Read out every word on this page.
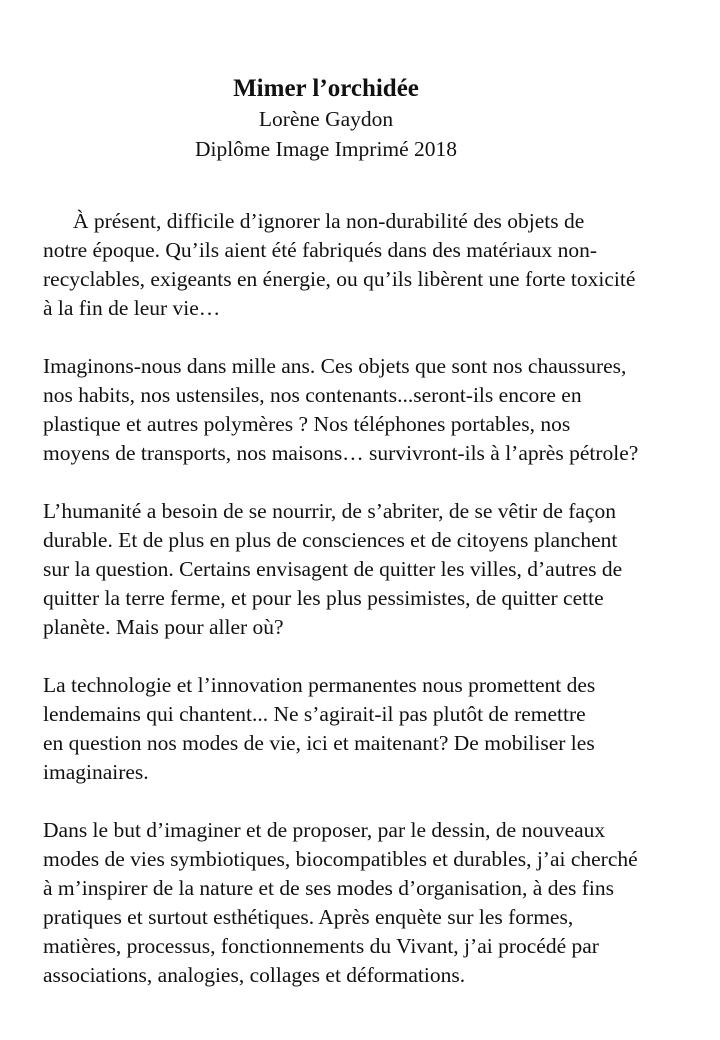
Mimer l’orchidée

Lorène Gaydon

Diplôme Image Imprimé 2018

À présent, difficile d’ignorer la non-durabilité des objets de
notre époque. Qu’ils aient été fabriqués dans des matériaux non-
recyclables, exigeants en énergie, ou qu’ils libèrent une forte toxicité
à la fin de leur vie…

Imaginons-nous dans mille ans. Ces objets que sont nos chaussures,
nos habits, nos ustensiles, nos contenants...seront-ils encore en
plastique et autres polymères ? Nos téléphones portables, nos
moyens de transports, nos maisons… survivront-ils à l’après pétrole?

L’humanité a besoin de se nourrir, de s’abriter, de se vêtir de façon
durable. Et de plus en plus de consciences et de citoyens planchent
sur la question. Certains envisagent de quitter les villes, d’autres de
quitter la terre ferme, et pour les plus pessimistes, de quitter cette
planète. Mais pour aller où?

La technologie et l’innovation permanentes nous promettent des
lendemains qui chantent... Ne s’agirait-il pas plutôt de remettre
en question nos modes de vie, ici et maitenant? De mobiliser les
imaginaires.

Dans le but d’imaginer et de proposer, par le dessin, de nouveaux
modes de vies symbiotiques, biocompatibles et durables, j’ai cherché
à m’inspirer de la nature et de ses modes d’organisation, à des fins
pratiques et surtout esthétiques. Après enquète sur les formes,
matières, processus, fonctionnements du Vivant, j’ai procédé par
associations, analogies, collages et déformations.
